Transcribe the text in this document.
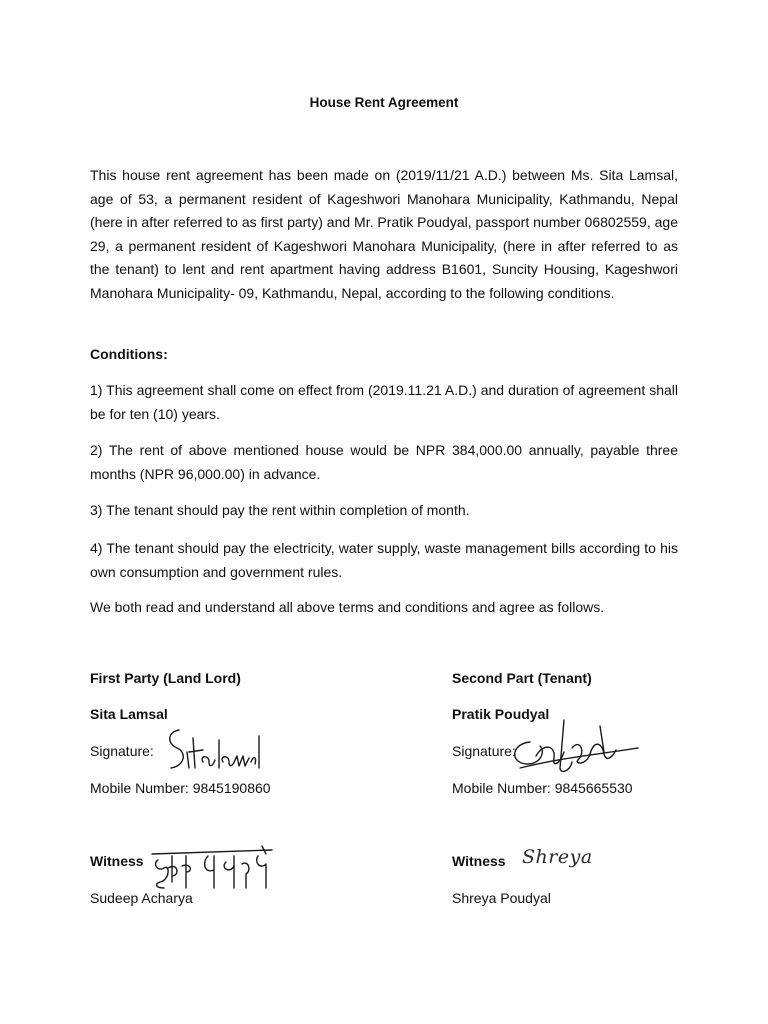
House Rent Agreement
This house rent agreement has been made on (2019/11/21 A.D.) between Ms. Sita Lamsal, age of 53, a permanent resident of Kageshwori Manohara Municipality, Kathmandu, Nepal (here in after referred to as first party) and Mr. Pratik Poudyal, passport number 06802559, age 29, a permanent resident of Kageshwori Manohara Municipality, (here in after referred to as the tenant) to lent and rent apartment having address B1601, Suncity Housing, Kageshwori Manohara Municipality- 09, Kathmandu, Nepal, according to the following conditions.
Conditions:
1) This agreement shall come on effect from (2019.11.21 A.D.) and duration of agreement shall be for ten (10) years.
2) The rent of above mentioned house would be NPR 384,000.00 annually, payable three months (NPR 96,000.00) in advance.
3) The tenant should pay the rent within completion of month.
4) The tenant should pay the electricity, water supply, waste management bills according to his own consumption and government rules.
We both read and understand all above terms and conditions and agree as follows.
First Party (Land Lord)
Sita Lamsal
Signature:
Mobile Number: 9845190860
Witness
Sudeep Acharya
Second Part (Tenant)
Pratik Poudyal
Signature:
Mobile Number: 9845665530
Witness Shreya
Shreya Poudyal
